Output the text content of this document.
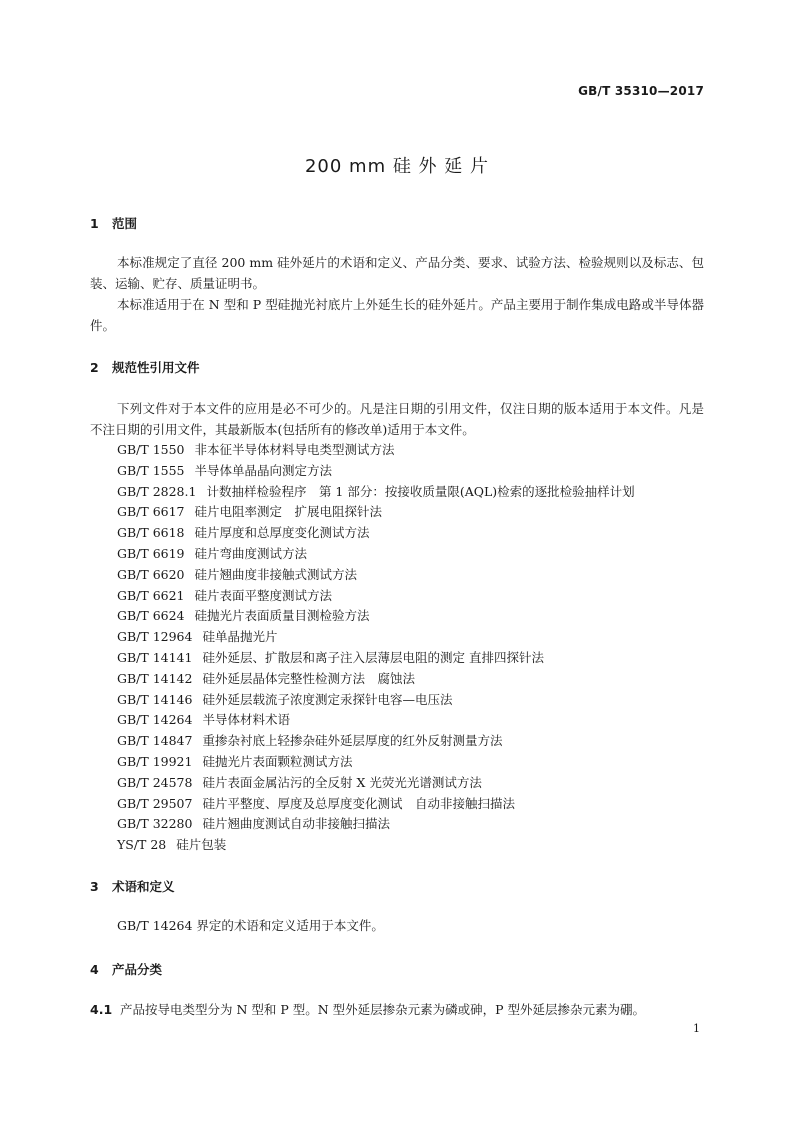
GB/T 35310—2017
200 mm 硅 外 延 片
1 范围

本标准规定了直径 200 mm 硅外延片的术语和定义、产品分类、要求、试验方法、检验规则以及标志、包装、运输、贮存、质量证明书。

本标准适用于在 N 型和 P 型硅抛光衬底片上外延生长的硅外延片。产品主要用于制作集成电路或半导体器件。

2 规范性引用文件

下列文件对于本文件的应用是必不可少的。凡是注日期的引用文件，仅注日期的版本适用于本文件。凡是不注日期的引用文件，其最新版本(包括所有的修改单)适用于本文件。

GB/T 1550 非本征半导体材料导电类型测试方法
GB/T 1555 半导体单晶晶向测定方法
GB/T 2828.1 计数抽样检验程序　第 1 部分：按接收质量限(AQL)检索的逐批检验抽样计划
GB/T 6617 硅片电阻率测定　扩展电阻探针法
GB/T 6618 硅片厚度和总厚度变化测试方法
GB/T 6619 硅片弯曲度测试方法
GB/T 6620 硅片翘曲度非接触式测试方法
GB/T 6621 硅片表面平整度测试方法
GB/T 6624 硅抛光片表面质量目测检验方法
GB/T 12964 硅单晶抛光片
GB/T 14141 硅外延层、扩散层和离子注入层薄层电阻的测定 直排四探针法
GB/T 14142 硅外延层晶体完整性检测方法　腐蚀法
GB/T 14146 硅外延层载流子浓度测定汞探针电容—电压法
GB/T 14264 半导体材料术语
GB/T 14847 重掺杂衬底上轻掺杂硅外延层厚度的红外反射测量方法
GB/T 19921 硅抛光片表面颗粒测试方法
GB/T 24578 硅片表面金属沾污的全反射 X 光荧光光谱测试方法
GB/T 29507 硅片平整度、厚度及总厚度变化测试　自动非接触扫描法
GB/T 32280 硅片翘曲度测试自动非接触扫描法
YS/T 28 硅片包装
3 术语和定义

GB/T 14264 界定的术语和定义适用于本文件。

4 产品分类

4.1 产品按导电类型分为 N 型和 P 型。N 型外延层掺杂元素为磷或砷，P 型外延层掺杂元素为硼。

1
